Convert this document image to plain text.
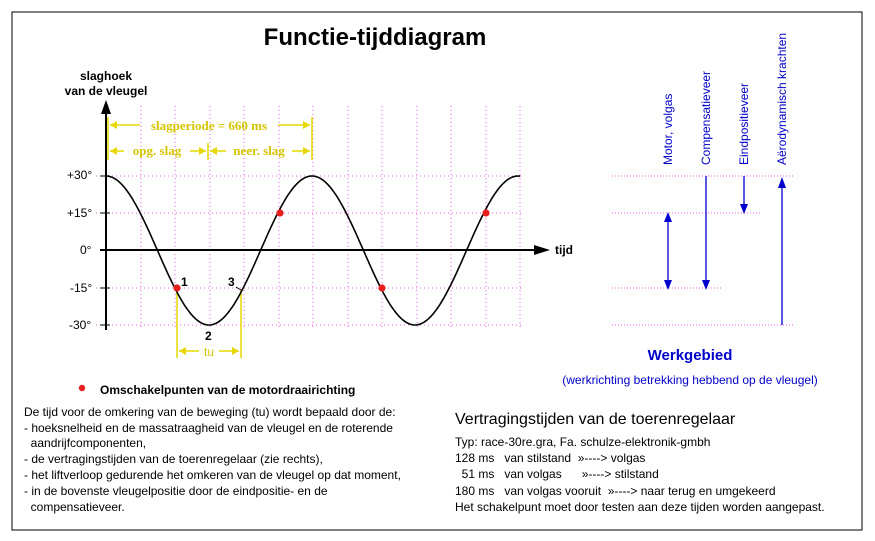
Functie-tijddiagram
slaghoek
van de vleugel
tijd
+30°
+15°
0°
-15°
-30°
slagperiode = 660 ms
opg. slag	neer. slag
tu
1
2
3
Omschakelpunten van de motordraairichting
De tijd voor de omkering van de beweging (tu) wordt bepaald door de:
- hoeksnelheid en de massatraagheid van de vleugel en de roterende
aandrijfcomponenten,
- de vertragingstijden van de toerenregelaar (zie rechts),
- het liftverloop gedurende het omkeren van de vleugel op dat moment,
- in de bovenste vleugelpositie door de eindpositie- en de
compensatieveer.
Motor, volgas Compensatieveer Eindpositieveer Aërodynamisch krachten
Werkgebied
(werkrichting betrekking hebbend op de vleugel)
Vertragingstijden van de toerenregelaar
Typ: race-30re.gra, Fa. schulze-elektronik-gmbh
128 ms   van stilstand  »----> volgas
51 ms   van volgas      »----> stilstand
180 ms   van volgas vooruit  »----> naar terug en umgekeerd
Het schakelpunt moet door testen aan deze tijden worden aangepast.
